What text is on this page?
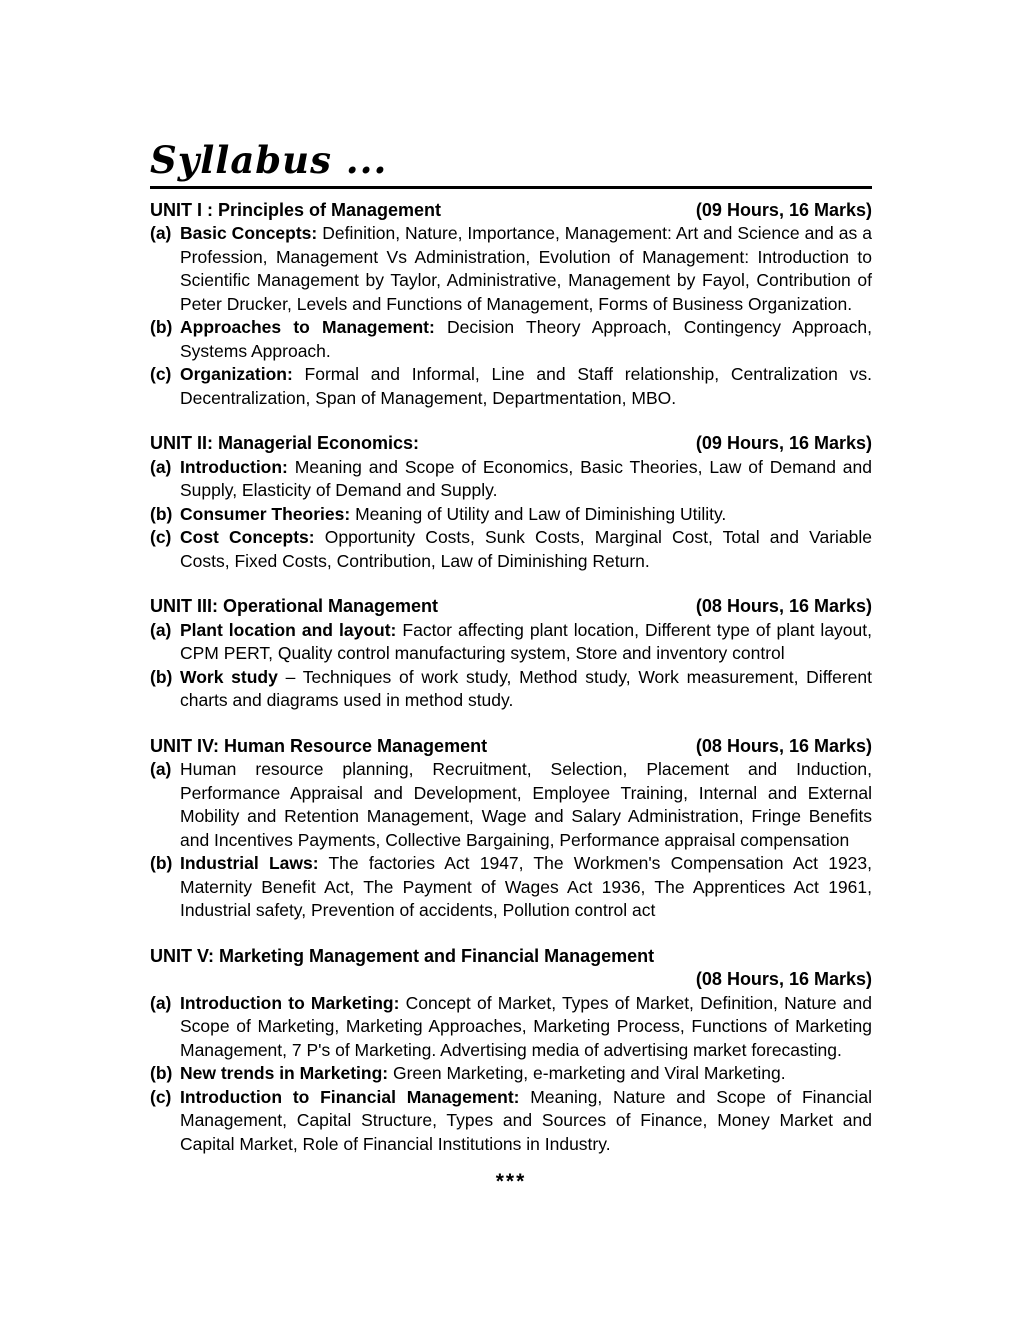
Syllabus ...
UNIT I : Principles of Management	(09 Hours, 16 Marks)
(a) Basic Concepts: Definition, Nature, Importance, Management: Art and Science and as a Profession, Management Vs Administration, Evolution of Management: Introduction to Scientific Management by Taylor, Administrative, Management by Fayol, Contribution of Peter Drucker, Levels and Functions of Management, Forms of Business Organization.
(b) Approaches to Management: Decision Theory Approach, Contingency Approach, Systems Approach.
(c) Organization: Formal and Informal, Line and Staff relationship, Centralization vs. Decentralization, Span of Management, Departmentation, MBO.
UNIT II: Managerial Economics:	(09 Hours, 16 Marks)
(a) Introduction: Meaning and Scope of Economics, Basic Theories, Law of Demand and Supply, Elasticity of Demand and Supply.
(b) Consumer Theories: Meaning of Utility and Law of Diminishing Utility.
(c) Cost Concepts: Opportunity Costs, Sunk Costs, Marginal Cost, Total and Variable Costs, Fixed Costs, Contribution, Law of Diminishing Return.
UNIT III: Operational Management	(08 Hours, 16 Marks)
(a) Plant location and layout: Factor affecting plant location, Different type of plant layout, CPM PERT, Quality control manufacturing system, Store and inventory control
(b) Work study – Techniques of work study, Method study, Work measurement, Different charts and diagrams used in method study.
UNIT IV: Human Resource Management	(08 Hours, 16 Marks)
(a) Human resource planning, Recruitment, Selection, Placement and Induction, Performance Appraisal and Development, Employee Training, Internal and External Mobility and Retention Management, Wage and Salary Administration, Fringe Benefits and Incentives Payments, Collective Bargaining, Performance appraisal compensation
(b) Industrial Laws: The factories Act 1947, The Workmen's Compensation Act 1923, Maternity Benefit Act, The Payment of Wages Act 1936, The Apprentices Act 1961, Industrial safety, Prevention of accidents, Pollution control act
UNIT V: Marketing Management and Financial Management
(08 Hours, 16 Marks)
(a) Introduction to Marketing: Concept of Market, Types of Market, Definition, Nature and Scope of Marketing, Marketing Approaches, Marketing Process, Functions of Marketing Management, 7 P's of Marketing. Advertising media of advertising market forecasting.
(b) New trends in Marketing: Green Marketing, e-marketing and Viral Marketing.
(c) Introduction to Financial Management: Meaning, Nature and Scope of Financial Management, Capital Structure, Types and Sources of Finance, Money Market and Capital Market, Role of Financial Institutions in Industry.
***
